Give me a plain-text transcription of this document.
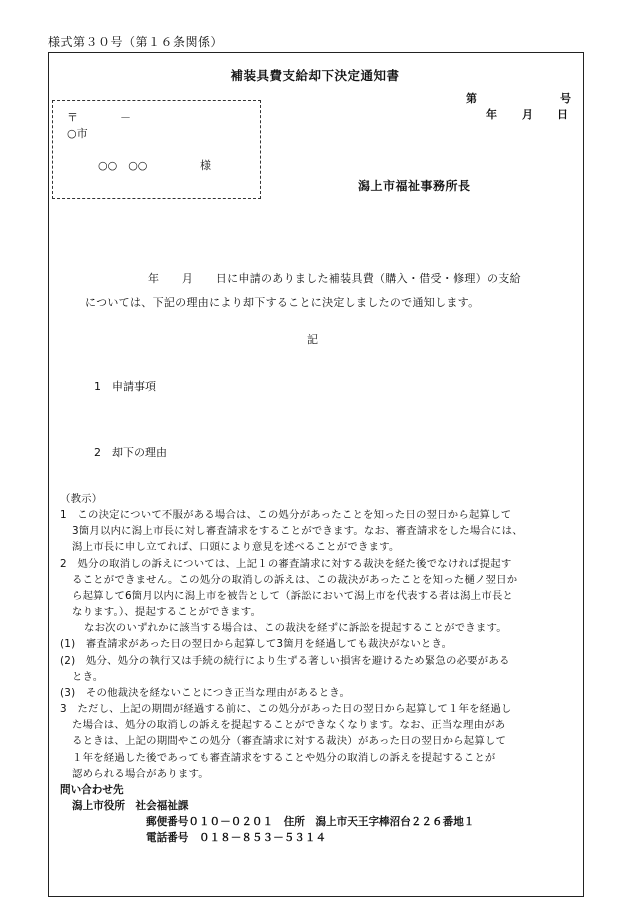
様式第３０号（第１６条関係）
補装具費支給却下決定通知書
第	号
年 月 日
〒	－
○市
○○　○○	様
潟上市福祉事務所長
年　　月　　日に申請のありました補装具費（購入・借受・修理）の支給
については、下記の理由により却下することに決定しましたので通知します。
記
1　申請事項
2　却下の理由
（教示）
1　この決定について不服がある場合は、この処分があったことを知った日の翌日から起算して
3箇月以内に潟上市長に対し審査請求をすることができます。なお、審査請求をした場合には、
潟上市長に申し立てれば、口頭により意見を述べることができます。
2　処分の取消しの訴えについては、上記１の審査請求に対する裁決を経た後でなければ提起す
ることができません。この処分の取消しの訴えは、この裁決があったことを知った樋ノ翌日か
ら起算して6箇月以内に潟上市を被告として（訴訟において潟上市を代表する者は潟上市長と
なります。）、提起することができます。
なお次のいずれかに該当する場合は、この裁決を経ずに訴訟を提起することができます。
(1)　審査請求があった日の翌日から起算して3箇月を経過しても裁決がないとき。
(2)　処分、処分の執行又は手続の続行により生ずる著しい損害を避けるため緊急の必要がある
とき。
(3)　その他裁決を経ないことにつき正当な理由があるとき。
3　ただし、上記の期間が経過する前に、この処分があった日の翌日から起算して１年を経過し
た場合は、処分の取消しの訴えを提起することができなくなります。なお、正当な理由があ
るときは、上記の期間やこの処分（審査請求に対する裁決）があった日の翌日から起算して
１年を経過した後であっても審査請求をすることや処分の取消しの訴えを提起することが
認められる場合があります。
問い合わせ先
潟上市役所　社会福祉課
郵便番号０１０－０２０１　住所　潟上市天王字棒沼台２２６番地１
電話番号　０１８－８５３－５３１４
